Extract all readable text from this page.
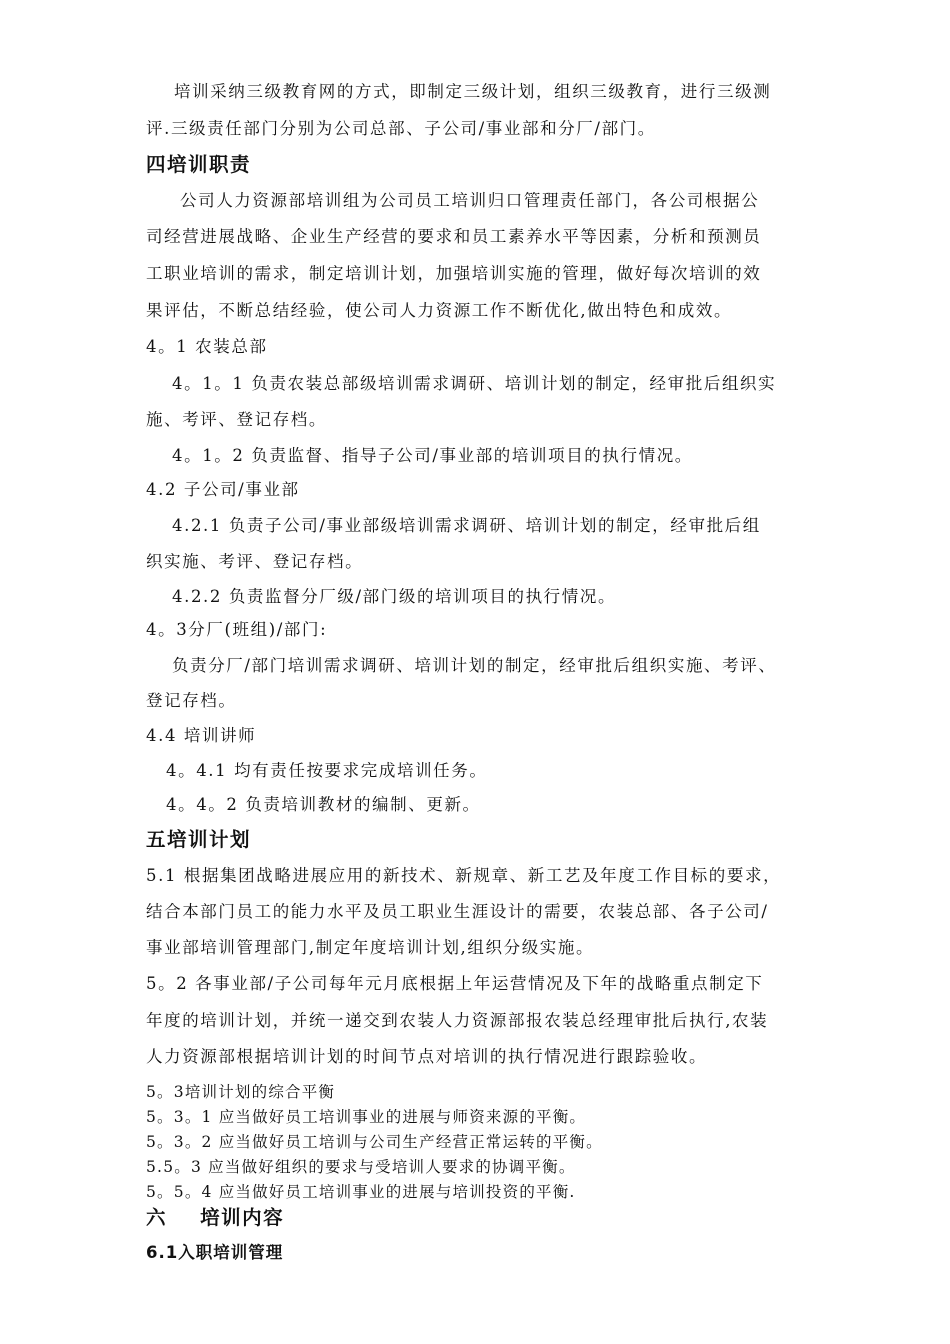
培训采纳三级教育网的方式，即制定三级计划，组织三级教育，进行三级测
评.三级责任部门分别为公司总部、子公司/事业部和分厂/部门。
四培训职责
公司人力资源部培训组为公司员工培训归口管理责任部门，各公司根据公
司经营进展战略、企业生产经营的要求和员工素养水平等因素，分析和预测员
工职业培训的需求，制定培训计划，加强培训实施的管理，做好每次培训的效
果评估，不断总结经验，使公司人力资源工作不断优化,做出特色和成效。
4。1 农装总部
4。1。1 负责农装总部级培训需求调研、培训计划的制定，经审批后组织实
施、考评、登记存档。
4。1。2 负责监督、指导子公司/事业部的培训项目的执行情况。
4.2 子公司/事业部
4.2.1 负责子公司/事业部级培训需求调研、培训计划的制定，经审批后组
织实施、考评、登记存档。
4.2.2 负责监督分厂级/部门级的培训项目的执行情况。
4。3分厂(班组)/部门:
负责分厂/部门培训需求调研、培训计划的制定，经审批后组织实施、考评、
登记存档。
4.4 培训讲师
4。4.1 均有责任按要求完成培训任务。
4。4。2 负责培训教材的编制、更新。
五培训计划
5.1 根据集团战略进展应用的新技术、新规章、新工艺及年度工作目标的要求，
结合本部门员工的能力水平及员工职业生涯设计的需要，农装总部、各子公司/
事业部培训管理部门,制定年度培训计划,组织分级实施。
5。2 各事业部/子公司每年元月底根据上年运营情况及下年的战略重点制定下
年度的培训计划，并统一递交到农装人力资源部报农装总经理审批后执行,农装
人力资源部根据培训计划的时间节点对培训的执行情况进行跟踪验收。
5。3培训计划的综合平衡
5。3。1 应当做好员工培训事业的进展与师资来源的平衡。
5。3。2 应当做好员工培训与公司生产经营正常运转的平衡。
5.5。3 应当做好组织的要求与受培训人要求的协调平衡。
5。5。4 应当做好员工培训事业的进展与培训投资的平衡.
六    培训内容
6.1入职培训管理
